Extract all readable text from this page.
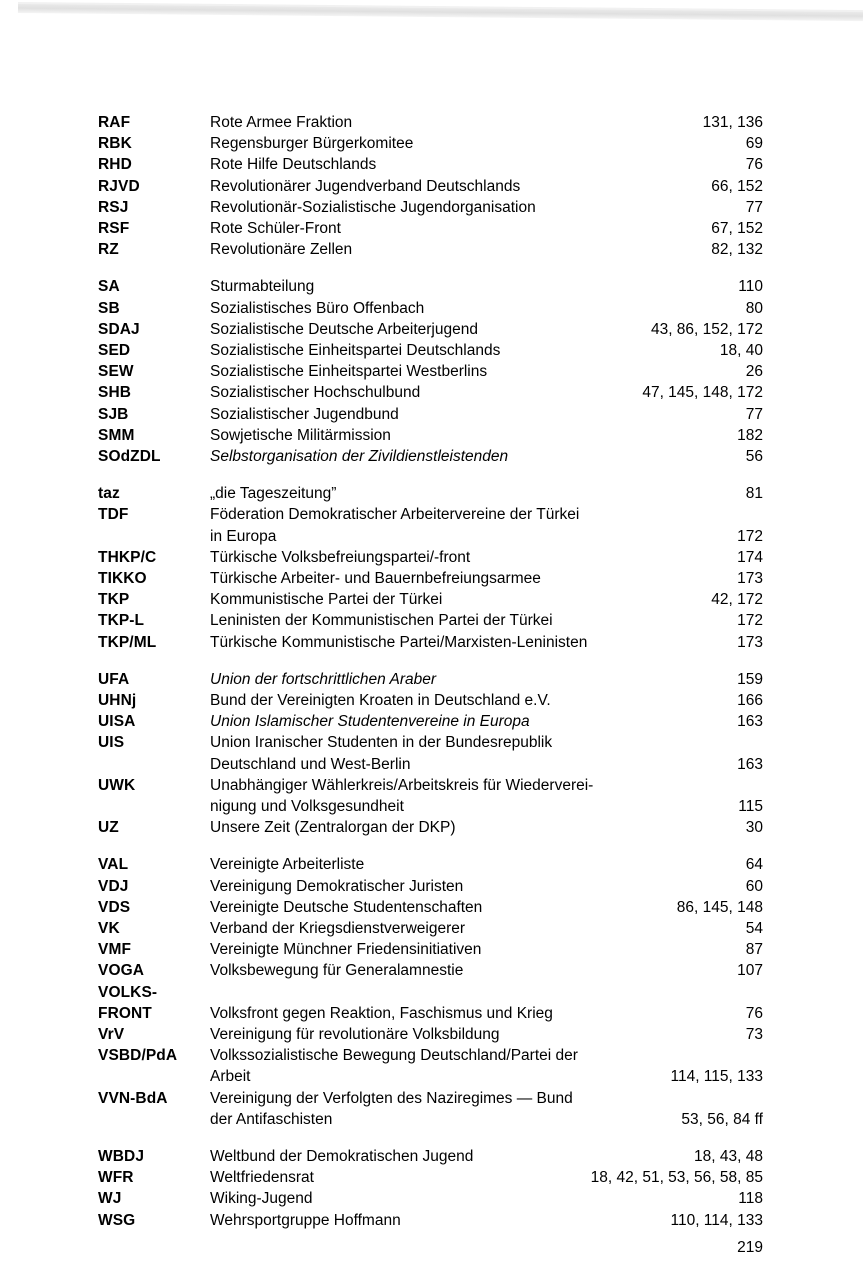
RAF	Rote Armee Fraktion	131, 136
RBK	Regensburger Bürgerkomitee	69
RHD	Rote Hilfe Deutschlands	76
RJVD	Revolutionärer Jugendverband Deutschlands	66, 152
RSJ	Revolutionär-Sozialistische Jugendorganisation	77
RSF	Rote Schüler-Front	67, 152
RZ	Revolutionäre Zellen	82, 132
SA	Sturmabteilung	110
SB	Sozialistisches Büro Offenbach	80
SDAJ	Sozialistische Deutsche Arbeiterjugend	43, 86, 152, 172
SED	Sozialistische Einheitspartei Deutschlands	18, 40
SEW	Sozialistische Einheitspartei Westberlins	26
SHB	Sozialistischer Hochschulbund	47, 145, 148, 172
SJB	Sozialistischer Jugendbund	77
SMM	Sowjetische Militärmission	182
SOdZDL	Selbstorganisation der Zivildienstleistenden	56
taz	„die Tageszeitung”	81
TDF	Föderation Demokratischer Arbeitervereine der Türkei
in Europa	172
THKP/C	Türkische Volksbefreiungspartei/-front	174
TIKKO	Türkische Arbeiter- und Bauernbefreiungsarmee	173
TKP	Kommunistische Partei der Türkei	42, 172
TKP-L	Leninisten der Kommunistischen Partei der Türkei	172
TKP/ML	Türkische Kommunistische Partei/Marxisten-Leninisten	173
UFA	Union der fortschrittlichen Araber	159
UHNj	Bund der Vereinigten Kroaten in Deutschland e.V.	166
UISA	Union Islamischer Studentenvereine in Europa	163
UIS	Union Iranischer Studenten in der Bundesrepublik
Deutschland und West-Berlin	163
UWK	Unabhängiger Wählerkreis/Arbeitskreis für Wiederverei-
nigung und Volksgesundheit	115
UZ	Unsere Zeit (Zentralorgan der DKP)	30
VAL	Vereinigte Arbeiterliste	64
VDJ	Vereinigung Demokratischer Juristen	60
VDS	Vereinigte Deutsche Studentenschaften	86, 145, 148
VK	Verband der Kriegsdienstverweigerer	54
VMF	Vereinigte Münchner Friedensinitiativen	87
VOGA	Volksbewegung für Generalamnestie	107
VOLKS-
FRONT	Volksfront gegen Reaktion, Faschismus und Krieg	76
VrV	Vereinigung für revolutionäre Volksbildung	73
VSBD/PdA Volkssozialistische Bewegung Deutschland/Partei der
Arbeit	114, 115, 133
VVN-BdA	Vereinigung der Verfolgten des Naziregimes — Bund
der Antifaschisten	53, 56, 84 ff
WBDJ	Weltbund der Demokratischen Jugend	18, 43, 48
WFR	Weltfriedensrat	18, 42, 51, 53, 56, 58, 85
WJ	Wiking-Jugend	118
WSG	Wehrsportgruppe Hoffmann	110, 114, 133
219
